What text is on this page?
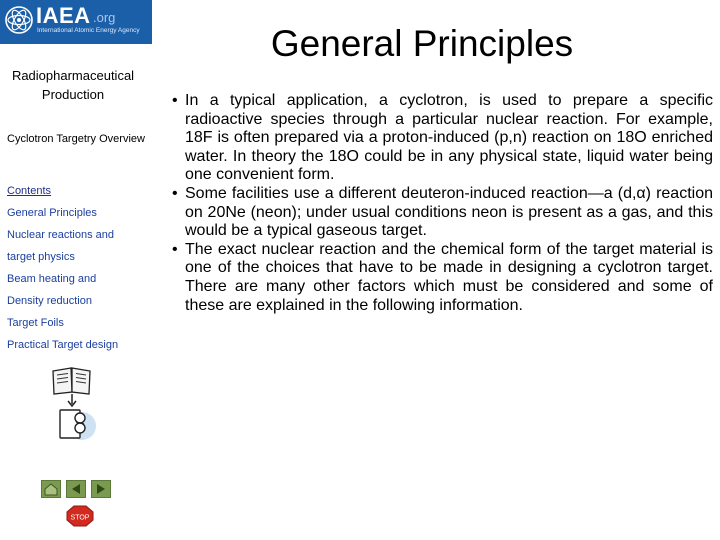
IAEA .org
International Atomic Energy Agency
Radiopharmaceutical Production
Cyclotron Targetry Overview
Contents
General Principles
Nuclear reactions and
target physics
Beam heating and
Density reduction
Target Foils
Practical Target design
STOP
General Principles
• In a typical application, a cyclotron, is used to prepare a specific radioactive species through a particular nuclear reaction. For example, 18F is often prepared via a proton-induced (p,n) reaction on 18O enriched water. In theory the 18O could be in any physical state, liquid water being one convenient form.
• Some facilities use a different deuteron-induced reaction—a (d,α) reaction on 20Ne (neon); under usual conditions neon is present as a gas, and this would be a typical gaseous target.
• The exact nuclear reaction and the chemical form of the target material is one of the choices that have to be made in designing a cyclotron target. There are many other factors which must be considered and some of these are explained in the following information.
